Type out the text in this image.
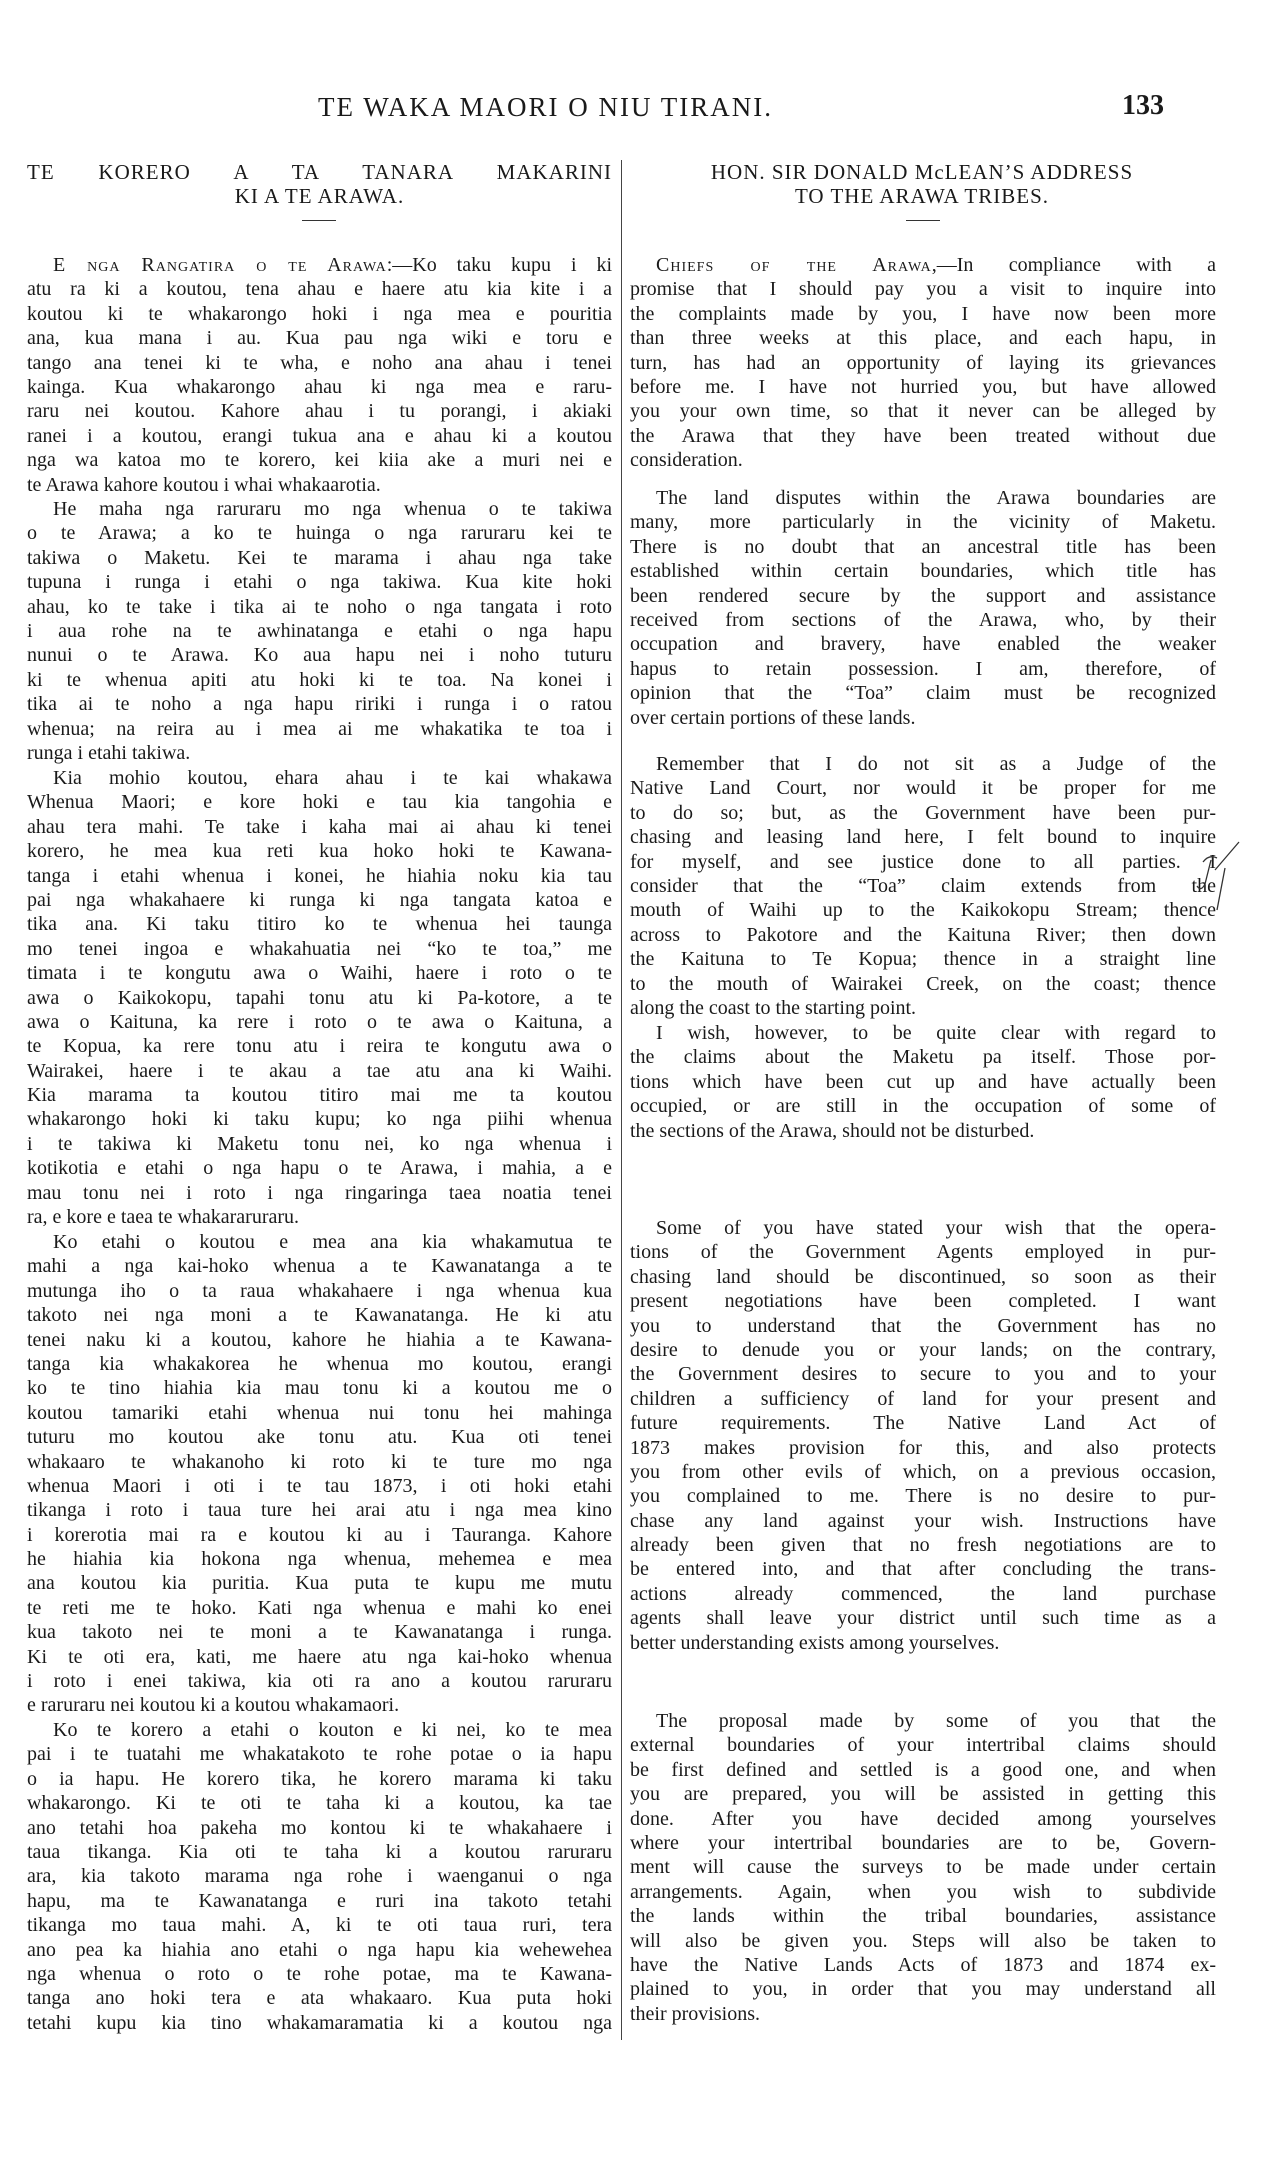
TE WAKA MAORI O NIU TIRANI.	133
TE KORERO A TA TANARA MAKARINI
KI A TE ARAWA.
HON. SIR DONALD McLEAN’S ADDRESS
TO THE ARAWA TRIBES.
E nga Rangatira o te Arawa:—Ko taku kupu i ki
atu ra ki a koutou, tena ahau e haere atu kia kite i a
koutou ki te whakarongo hoki i nga mea e pouritia
ana, kua mana i au. Kua pau nga wiki e toru e
tango ana tenei ki te wha, e noho ana ahau i tenei
kainga. Kua whakarongo ahau ki nga mea e raru-
raru nei koutou. Kahore ahau i tu porangi, i akiaki
ranei i a koutou, erangi tukua ana e ahau ki a koutou
nga wa katoa mo te korero, kei kiia ake a muri nei e
te Arawa kahore koutou i whai whakaarotia.
He maha nga raruraru mo nga whenua o te takiwa
o te Arawa; a ko te huinga o nga raruraru kei te
takiwa o Maketu. Kei te marama i ahau nga take
tupuna i runga i etahi o nga takiwa. Kua kite hoki
ahau, ko te take i tika ai te noho o nga tangata i roto
i aua rohe na te awhinatanga e etahi o nga hapu
nunui o te Arawa. Ko aua hapu nei i noho tuturu
ki te whenua apiti atu hoki ki te toa. Na konei i
tika ai te noho a nga hapu ririki i runga i o ratou
whenua; na reira au i mea ai me whakatika te toa i
runga i etahi takiwa.
Kia mohio koutou, ehara ahau i te kai whakawa
Whenua Maori; e kore hoki e tau kia tangohia e
ahau tera mahi. Te take i kaha mai ai ahau ki tenei
korero, he mea kua reti kua hoko hoki te Kawana-
tanga i etahi whenua i konei, he hiahia noku kia tau
pai nga whakahaere ki runga ki nga tangata katoa e
tika ana. Ki taku titiro ko te whenua hei taunga
mo tenei ingoa e whakahuatia nei “ko te toa,” me
timata i te kongutu awa o Waihi, haere i roto o te
awa o Kaikokopu, tapahi tonu atu ki Pa-kotore, a te
awa o Kaituna, ka rere i roto o te awa o Kaituna, a
te Kopua, ka rere tonu atu i reira te kongutu awa o
Wairakei, haere i te akau a tae atu ana ki Waihi.
Kia marama ta koutou titiro mai me ta koutou
whakarongo hoki ki taku kupu; ko nga piihi whenua
i te takiwa ki Maketu tonu nei, ko nga whenua i
kotikotia e etahi o nga hapu o te Arawa, i mahia, a e
mau tonu nei i roto i nga ringaringa taea noatia tenei
ra, e kore e taea te whakararuraru.
Ko etahi o koutou e mea ana kia whakamutua te
mahi a nga kai-hoko whenua a te Kawanatanga a te
mutunga iho o ta raua whakahaere i nga whenua kua
takoto nei nga moni a te Kawanatanga. He ki atu
tenei naku ki a koutou, kahore he hiahia a te Kawana-
tanga kia whakakorea he whenua mo koutou, erangi
ko te tino hiahia kia mau tonu ki a koutou me o
koutou tamariki etahi whenua nui tonu hei mahinga
tuturu mo koutou ake tonu atu. Kua oti tenei
whakaaro te whakanoho ki roto ki te ture mo nga
whenua Maori i oti i te tau 1873, i oti hoki etahi
tikanga i roto i taua ture hei arai atu i nga mea kino
i korerotia mai ra e koutou ki au i Tauranga. Kahore
he hiahia kia hokona nga whenua, mehemea e mea
ana koutou kia puritia. Kua puta te kupu me mutu
te reti me te hoko. Kati nga whenua e mahi ko enei
kua takoto nei te moni a te Kawanatanga i runga.
Ki te oti era, kati, me haere atu nga kai-hoko whenua
i roto i enei takiwa, kia oti ra ano a koutou raruraru
e raruraru nei koutou ki a koutou whakamaori.
Ko te korero a etahi o kouton e ki nei, ko te mea
pai i te tuatahi me whakatakoto te rohe potae o ia hapu
o ia hapu. He korero tika, he korero marama ki taku
whakarongo. Ki te oti te taha ki a koutou, ka tae
ano tetahi hoa pakeha mo kontou ki te whakahaere i
taua tikanga. Kia oti te taha ki a koutou raruraru
ara, kia takoto marama nga rohe i waenganui o nga
hapu, ma te Kawanatanga e ruri ina takoto tetahi
tikanga mo taua mahi. A, ki te oti taua ruri, tera
ano pea ka hiahia ano etahi o nga hapu kia wehewehea
nga whenua o roto o te rohe potae, ma te Kawana-
tanga ano hoki tera e ata whakaaro. Kua puta hoki
tetahi kupu kia tino whakamaramatia ki a koutou nga
Chiefs of the Arawa,—In compliance with a
promise that I should pay you a visit to inquire into
the complaints made by you, I have now been more
than three weeks at this place, and each hapu, in
turn, has had an opportunity of laying its grievances
before me. I have not hurried you, but have allowed
you your own time, so that it never can be alleged by
the Arawa that they have been treated without due
consideration.
The land disputes within the Arawa boundaries are
many, more particularly in the vicinity of Maketu.
There is no doubt that an ancestral title has been
established within certain boundaries, which title has
been rendered secure by the support and assistance
received from sections of the Arawa, who, by their
occupation and bravery, have enabled the weaker
hapus to retain possession. I am, therefore, of
opinion that the “Toa” claim must be recognized
over certain portions of these lands.
Remember that I do not sit as a Judge of the
Native Land Court, nor would it be proper for me
to do so; but, as the Government have been pur-
chasing and leasing land here, I felt bound to inquire
for myself, and see justice done to all parties. I
consider that the “Toa” claim extends from the
mouth of Waihi up to the Kaikokopu Stream; thence
across to Pakotore and the Kaituna River; then down
the Kaituna to Te Kopua; thence in a straight line
to the mouth of Wairakei Creek, on the coast; thence
along the coast to the starting point.
I wish, however, to be quite clear with regard to
the claims about the Maketu pa itself. Those por-
tions which have been cut up and have actually been
occupied, or are still in the occupation of some of
the sections of the Arawa, should not be disturbed.
Some of you have stated your wish that the opera-
tions of the Government Agents employed in pur-
chasing land should be discontinued, so soon as their
present negotiations have been completed. I want
you to understand that the Government has no
desire to denude you or your lands; on the contrary,
the Government desires to secure to you and to your
children a sufficiency of land for your present and
future requirements. The Native Land Act of
1873 makes provision for this, and also protects
you from other evils of which, on a previous occasion,
you complained to me. There is no desire to pur-
chase any land against your wish. Instructions have
already been given that no fresh negotiations are to
be entered into, and that after concluding the trans-
actions already commenced, the land purchase
agents shall leave your district until such time as a
better understanding exists among yourselves.
The proposal made by some of you that the
external boundaries of your intertribal claims should
be first defined and settled is a good one, and when
you are prepared, you will be assisted in getting this
done. After you have decided among yourselves
where your intertribal boundaries are to be, Govern-
ment will cause the surveys to be made under certain
arrangements. Again, when you wish to subdivide
the lands within the tribal boundaries, assistance
will also be given you. Steps will also be taken to
have the Native Lands Acts of 1873 and 1874 ex-
plained to you, in order that you may understand all
their provisions.
